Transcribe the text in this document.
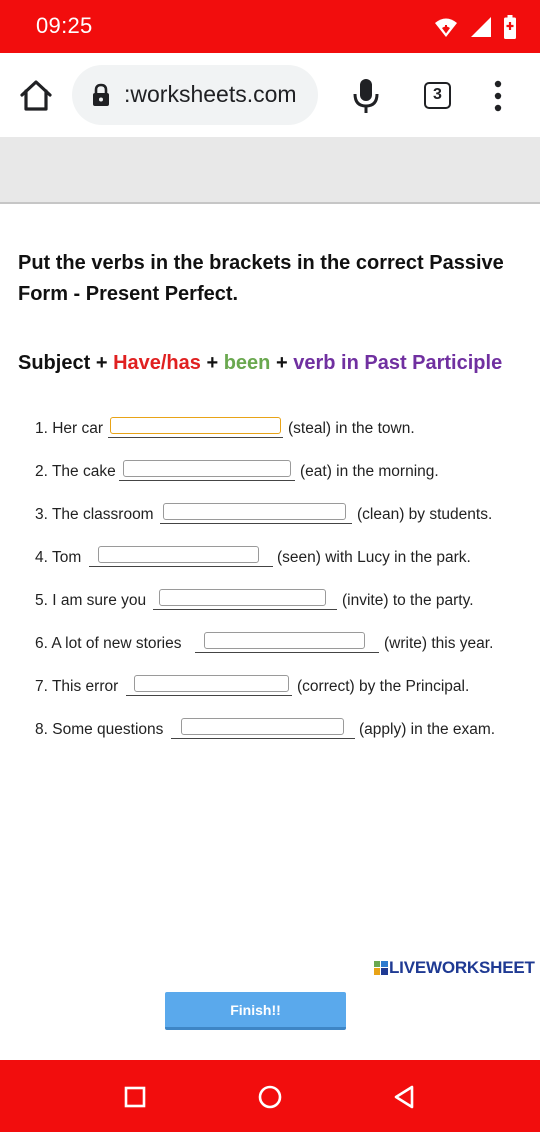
09:25
:worksheets.com	3
Put the verbs in the brackets in the correct Passive Form - Present Perfect.
Subject + Have/has + been + verb in Past Participle
1. Her car	(steal) in the town.
2. The cake	(eat) in the morning.
3. The classroom	(clean) by students.
4. Tom	(seen) with Lucy in the park.
5. I am sure you	(invite) to the party.
6. A lot of new stories	(write) this year.
7. This error	(correct) by the Principal.
8. Some questions	(apply) in the exam.
LIVEWORKSHEET
Finish!!
